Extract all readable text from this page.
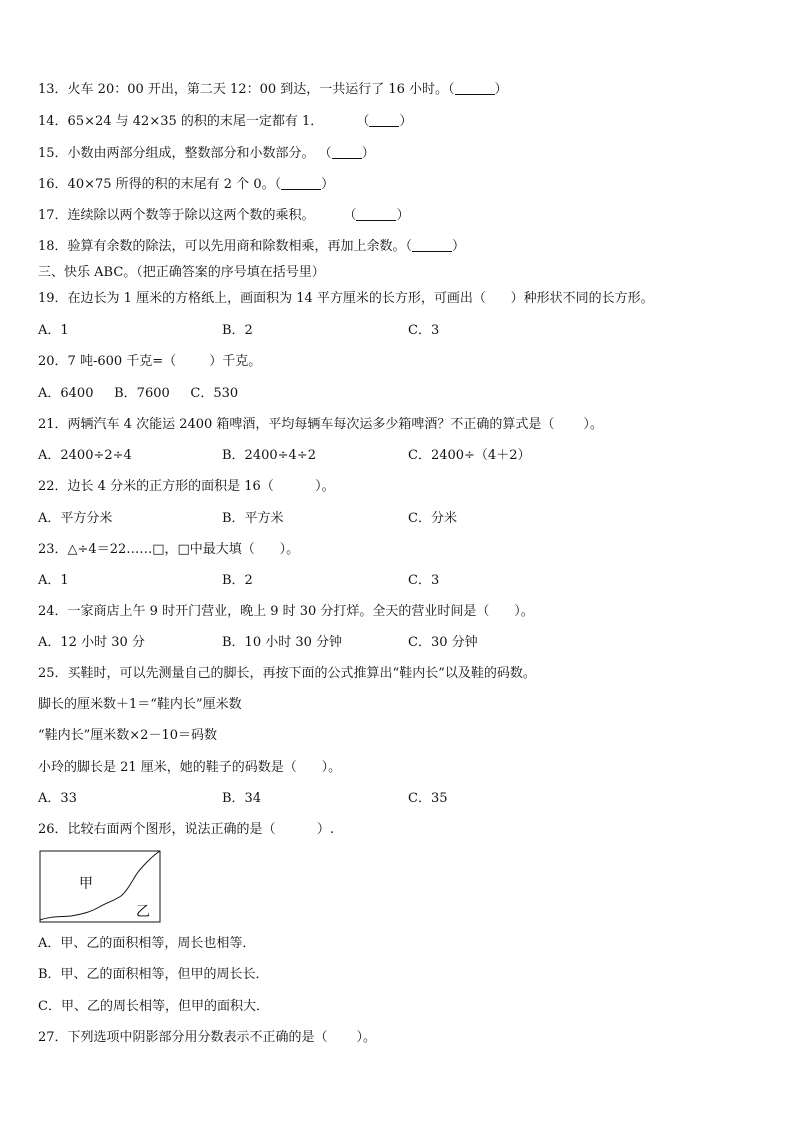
13．火车 20：00 开出，第二天 12：00 到达，一共运行了 16 小时。（	）
14．65×24 与 42×35 的积的末尾一定都有 1．        （ ）
15．小数由两部分组成，整数部分和小数部分。 （ ）
16．40×75 所得的积的末尾有 2 个 0。（	）
17．连续除以两个数等于除以这两个数的乘积。       （	）
18．验算有余数的除法，可以先用商和除数相乘，再加上余数。（	）
三、快乐 ABC。（把正确答案的序号填在括号里）
19．在边长为 1 厘米的方格纸上，画面积为 14 平方厘米的长方形，可画出（      ）种形状不同的长方形。
A．1	B．2	C．3
20．7 吨-600 千克=（        ）千克。
A．6400     B．7600     C．530
21．两辆汽车 4 次能运 2400 箱啤酒，平均每辆车每次运多少箱啤酒？不正确的算式是（       ）。
A．2400÷2÷4	B．2400÷4÷2	C．2400÷（4＋2）
22．边长 4 分米的正方形的面积是 16（          ）。
A．平方分米	B．平方米	C．分米
23．△÷4＝22……□，□中最大填（      ）。
A．1	B．2	C．3
24．一家商店上午 9 时开门营业，晚上 9 时 30 分打烊。全天的营业时间是（      ）。
A．12 小时 30 分	B．10 小时 30 分钟	C．30 分钟
25．买鞋时，可以先测量自己的脚长，再按下面的公式推算出“鞋内长”以及鞋的码数。
脚长的厘米数＋1＝“鞋内长”厘米数
“鞋内长”厘米数×2－10＝码数
小玲的脚长是 21 厘米，她的鞋子的码数是（      ）。
A．33	B．34	C．35
26．比较右面两个图形，说法正确的是（          ）.
甲
乙
A．甲、乙的面积相等，周长也相等．
B．甲、乙的面积相等，但甲的周长长．
C．甲、乙的周长相等，但甲的面积大．
27．下列选项中阴影部分用分数表示不正确的是（       ）。
